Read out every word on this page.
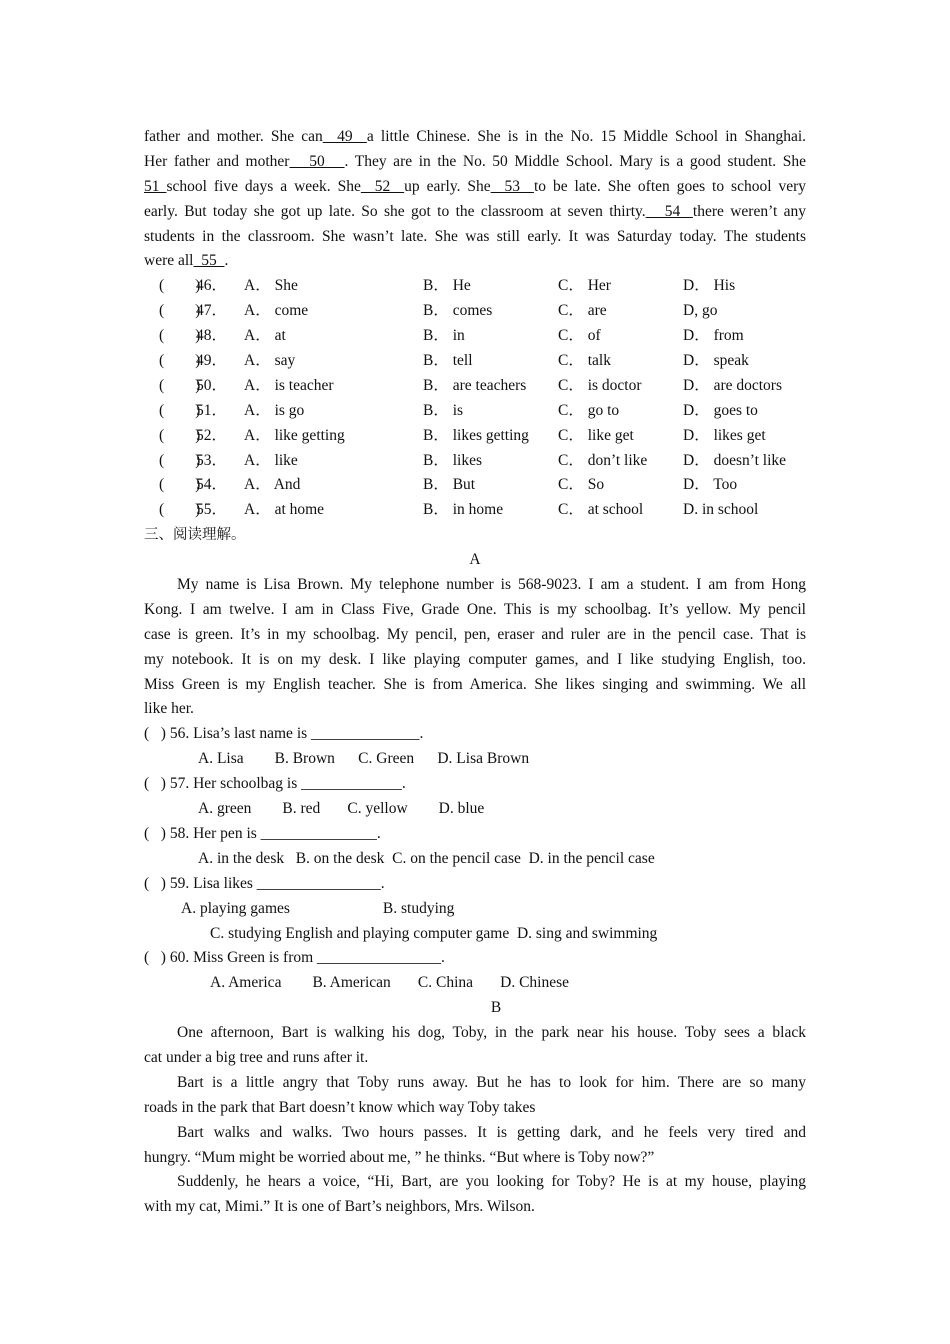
father and mother. She can  49  a little Chinese. She is in the No. 15 Middle School in Shanghai.
Her father and mother   50   . They are in the No. 50 Middle School. Mary is a good student. She
51 school five days a week. She  52  up early. She  53  to be late. She often goes to school very
early. But today she got up late. So she got to the classroom at seven thirty.   54  there weren’t any
students in the classroom. She wasn’t late. She was still early. It was Saturday today. The students
were all  55  .
(　　)
46． A． She	B． He	C． Her	D． His
(　　)
47． A． come	B． comes	C． are	D, go
(　　)
48． A． at	B． in	C． of	D． from
(　　)
49． A． say	B． tell	C． talk	D． speak
(　　)
50． A． is teacher	B． are teachers C． is doctor	D． are doctors
(　　)
51． A． is go	B． is	C． go to	D． goes to
(　　)
52． A． like getting	B． likes getting C． like get	D． likes get
(　　)
53． A． like	B． likes	C． don’t like D． doesn’t like
(　　)
54． A． And	B． But	C． So	D． Too
(　　)
55． A． at home	B． in home	C． at school	D. in school
三、阅读理解。
A
My name is Lisa Brown. My telephone number is 568-9023. I am a student. I am from Hong
Kong. I am twelve. I am in Class Five, Grade One. This is my schoolbag. It’s yellow. My pencil
case is green. It’s in my schoolbag. My pencil, pen, eraser and ruler are in the pencil case. That is
my notebook. It is on my desk. I like playing computer games, and I like studying English, too.
Miss Green is my English teacher. She is from America. She likes singing and swimming. We all
like her.
(   ) 56. Lisa’s last name is ______________.
A. Lisa        B. Brown      C. Green      D. Lisa Brown
(   ) 57. Her schoolbag is _____________.
A. green        B. red       C. yellow        D. blue
(   ) 58. Her pen is _______________.
A. in the desk   B. on the desk  C. on the pencil case  D. in the pencil case
(   ) 59. Lisa likes ________________.
A. playing games                        B. studying
C. studying English and playing computer game  D. sing and swimming
(   ) 60. Miss Green is from ________________.
A. America        B. American       C. China       D. Chinese
B
One afternoon, Bart is walking his dog, Toby, in the park near his house. Toby sees a black
cat under a big tree and runs after it.
Bart is a little angry that Toby runs away. But he has to look for him. There are so many
roads in the park that Bart doesn’t know which way Toby takes
Bart walks and walks. Two hours passes. It is getting dark, and he feels very tired and
hungry. “Mum might be worried about me, ” he thinks. “But where is Toby now?”
Suddenly, he hears a voice, “Hi, Bart, are you looking for Toby? He is at my house, playing
with my cat, Mimi.” It is one of Bart’s neighbors, Mrs. Wilson.
